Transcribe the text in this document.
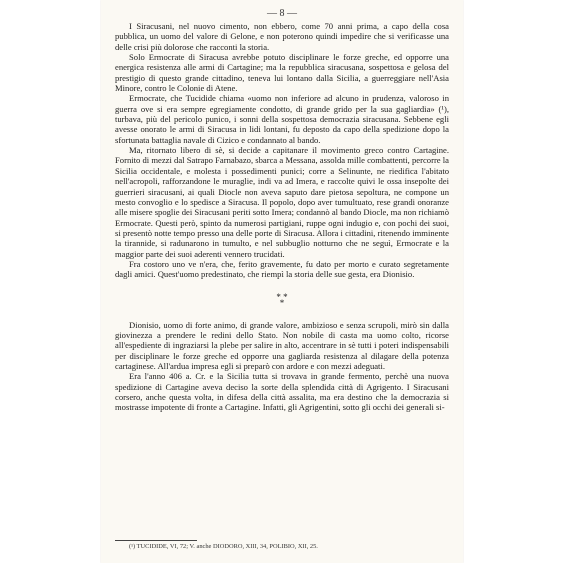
— 8 —

I Siracusani, nel nuovo cimento, non ebbero, come 70 anni prima, a capo della cosa pubblica, un uomo del valore di Gelone, e non poterono quindi impedire che si verificasse una delle crisi più dolorose che racconti la storia.

Solo Ermocrate di Siracusa avrebbe potuto disciplinare le forze greche, ed opporre una energica resistenza alle armi di Cartagine; ma la repubblica siracusana, sospettosa e gelosa del prestigio di questo grande cittadino, teneva lui lontano dalla Sicilia, a guerreggiare nell'Asia Minore, contro le Colonie di Atene.

Ermocrate, che Tucidide chiama «uomo non inferiore ad alcuno in prudenza, valoroso in guerra ove si era sempre egregiamente condotto, di grande grido per la sua gagliardia» (¹), turbava, più del pericolo punico, i sonni della sospettosa democrazia siracusana. Sebbene egli avesse onorato le armi di Siracusa in lidi lontani, fu deposto da capo della spedizione dopo la sfortunata battaglia navale di Cizico e condannato al bando.

Ma, ritornato libero di sè, si decide a capitanare il movimento greco contro Cartagine. Fornito di mezzi dal Satrapo Farnabazo, sbarca a Messana, assolda mille combattenti, percorre la Sicilia occidentale, e molesta i possedimenti punici; corre a Selinunte, ne riedifica l'abitato nell'acropoli, rafforzandone le muraglie, indi va ad Imera, e raccolte quivi le ossa insepolte dei guerrieri siracusani, ai quali Diocle non aveva saputo dare pietosa sepoltura, ne compone un mesto convoglio e lo spedisce a Siracusa. Il popolo, dopo aver tumultuato, rese grandi onoranze alle misere spoglie dei Siracusani periti sotto Imera; condannò al bando Diocle, ma non richiamò Ermocrate. Questi però, spinto da numerosi partigiani, ruppe ogni indugio e, con pochi dei suoi, si presentò notte tempo presso una delle porte di Siracusa. Allora i cittadini, ritenendo imminente la tirannide, si radunarono in tumulto, e nel subbuglio notturno che ne seguì, Ermocrate e la maggior parte dei suoi aderenti vennero trucidati.

Fra costoro uno ve n'era, che, ferito gravemente, fu dato per morto e curato segretamente dagli amici. Quest'uomo predestinato, che riempì la storia delle sue gesta, era Dionisio.

* *
*

Dionisio, uomo di forte animo, di grande valore, ambizioso e senza scrupoli, mirò sin dalla giovinezza a prendere le redini dello Stato. Non nobile di casta ma uomo colto, ricorse all'espediente di ingraziarsi la plebe per salire in alto, accentrare in sè tutti i poteri indispensabili per disciplinare le forze greche ed opporre una gagliarda resistenza al dilagare della potenza cartaginese. All'ardua impresa egli si preparò con ardore e con mezzi adeguati.

Era l'anno 406 a. Cr. e la Sicilia tutta si trovava in grande fermento, perchè una nuova spedizione di Cartagine aveva deciso la sorte della splendida città di Agrigento. I Siracusani corsero, anche questa volta, in difesa della città assalita, ma era destino che la democrazia si mostrasse impotente di fronte a Cartagine. Infatti, gli Agrigentini, sotto gli occhi dei generali si-

(¹) TUCIDIDE, VI, 72; V. anche DIODORO, XIII, 34, POLIBIO, XII, 25.
